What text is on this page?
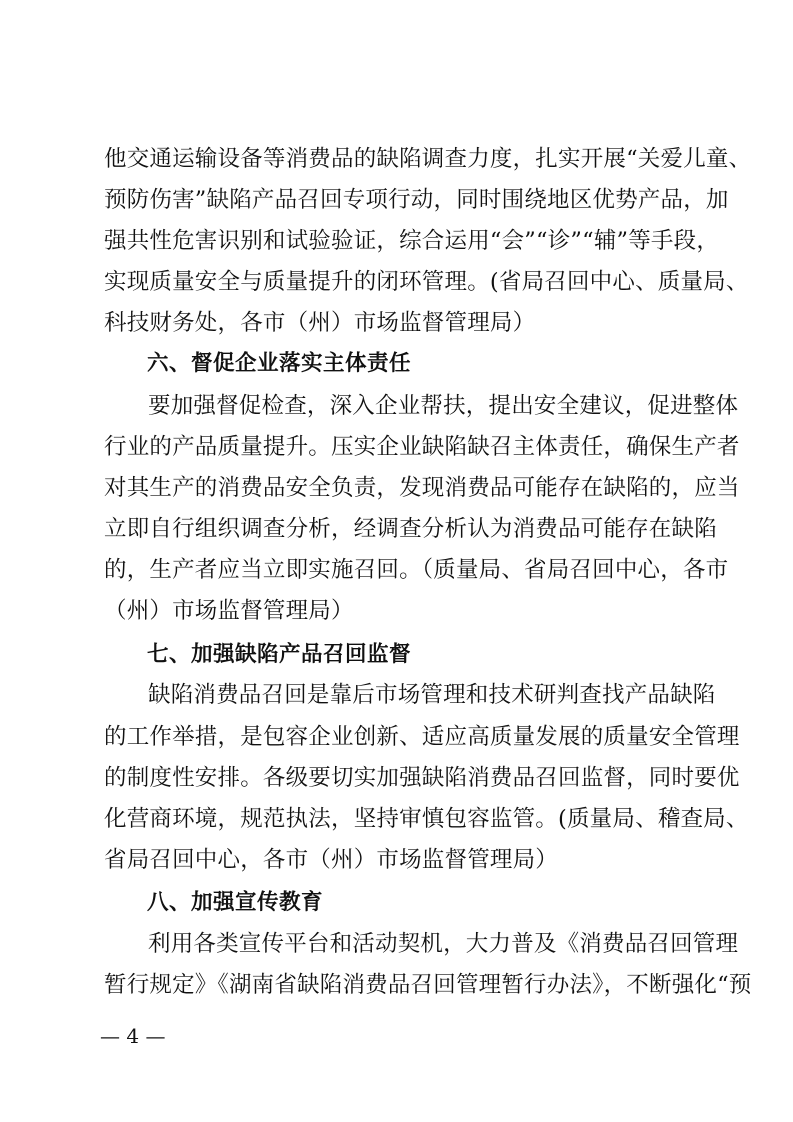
他交通运输设备等消费品的缺陷调查力度，扎实开展“关爱儿童、
预防伤害”缺陷产品召回专项行动，同时围绕地区优势产品，加
强共性危害识别和试验验证，综合运用“会”“诊”“辅”等手段，
实现质量安全与质量提升的闭环管理。(省局召回中心、质量局、
科技财务处，各市（州）市场监督管理局）
六、督促企业落实主体责任
要加强督促检查，深入企业帮扶，提出安全建议，促进整体
行业的产品质量提升。压实企业缺陷缺召主体责任，确保生产者
对其生产的消费品安全负责，发现消费品可能存在缺陷的，应当
立即自行组织调查分析，经调查分析认为消费品可能存在缺陷
的，生产者应当立即实施召回。（质量局、省局召回中心，各市
（州）市场监督管理局）
七、加强缺陷产品召回监督
缺陷消费品召回是靠后市场管理和技术研判查找产品缺陷
的工作举措，是包容企业创新、适应高质量发展的质量安全管理
的制度性安排。各级要切实加强缺陷消费品召回监督，同时要优
化营商环境，规范执法，坚持审慎包容监管。(质量局、稽查局、
省局召回中心，各市（州）市场监督管理局）
八、加强宣传教育
利用各类宣传平台和活动契机，大力普及《消费品召回管理
暂行规定》《湖南省缺陷消费品召回管理暂行办法》，不断强化“预
— 4 —
